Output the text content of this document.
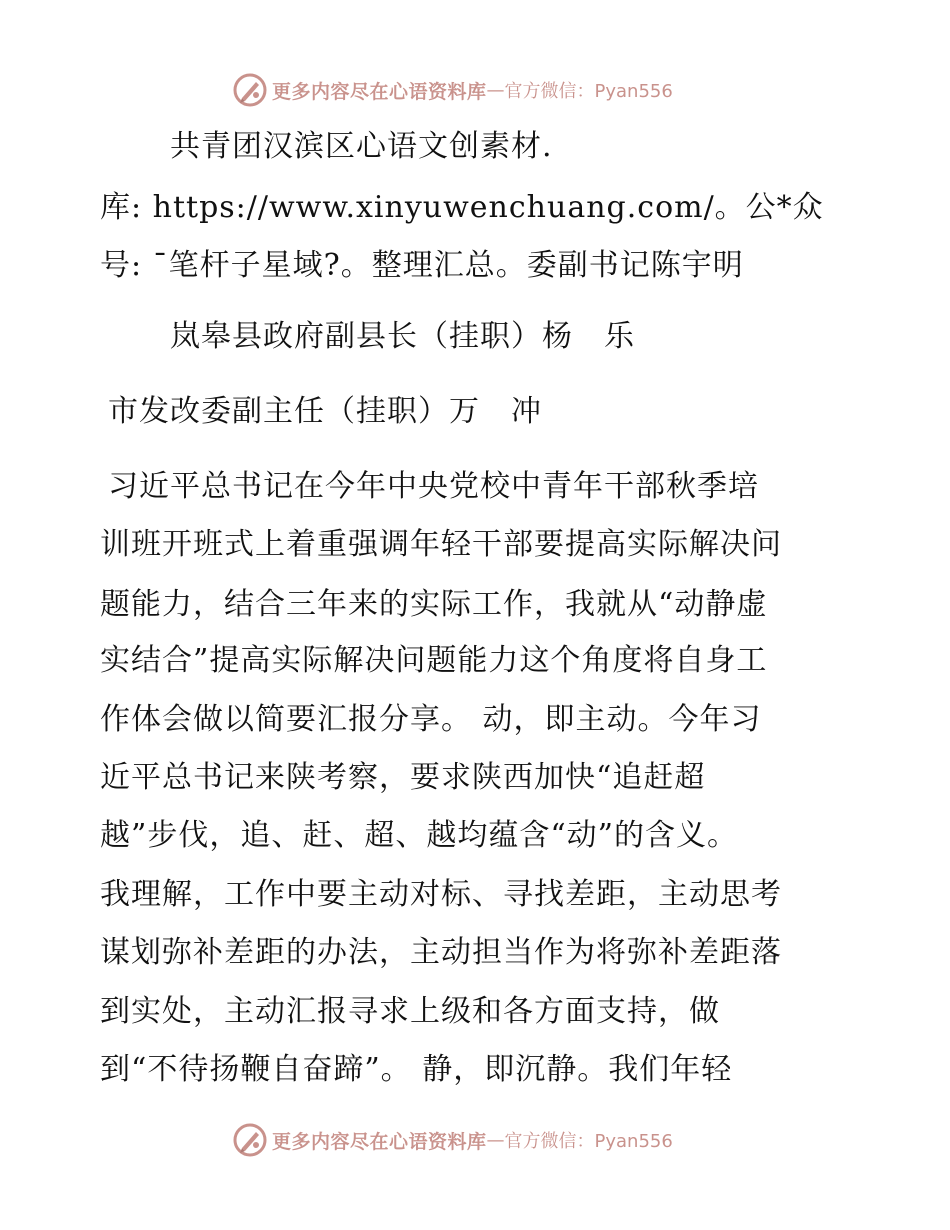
更多内容尽在心语资料库 — 官方微信：Pyan556
共青团汉滨区心语文创素材.
库: https://www.xinyuwenchuang.com/。公*众
号: ¯笔杆子星域?。整理汇总。委副书记陈宇明
岚皋县政府副县长（挂职）杨　乐
市发改委副主任（挂职）万　冲
习近平总书记在今年中央党校中青年干部秋季培
训班开班式上着重强调年轻干部要提高实际解决问
题能力，结合三年来的实际工作，我就从“动静虚
实结合”提高实际解决问题能力这个角度将自身工
作体会做以简要汇报分享。 动，即主动。今年习
近平总书记来陕考察，要求陕西加快“追赶超
越”步伐，追、赶、超、越均蕴含“动”的含义。
我理解，工作中要主动对标、寻找差距，主动思考
谋划弥补差距的办法，主动担当作为将弥补差距落
到实处，主动汇报寻求上级和各方面支持，做
到“不待扬鞭自奋蹄”。 静，即沉静。我们年轻
更多内容尽在心语资料库 — 官方微信：Pyan556
